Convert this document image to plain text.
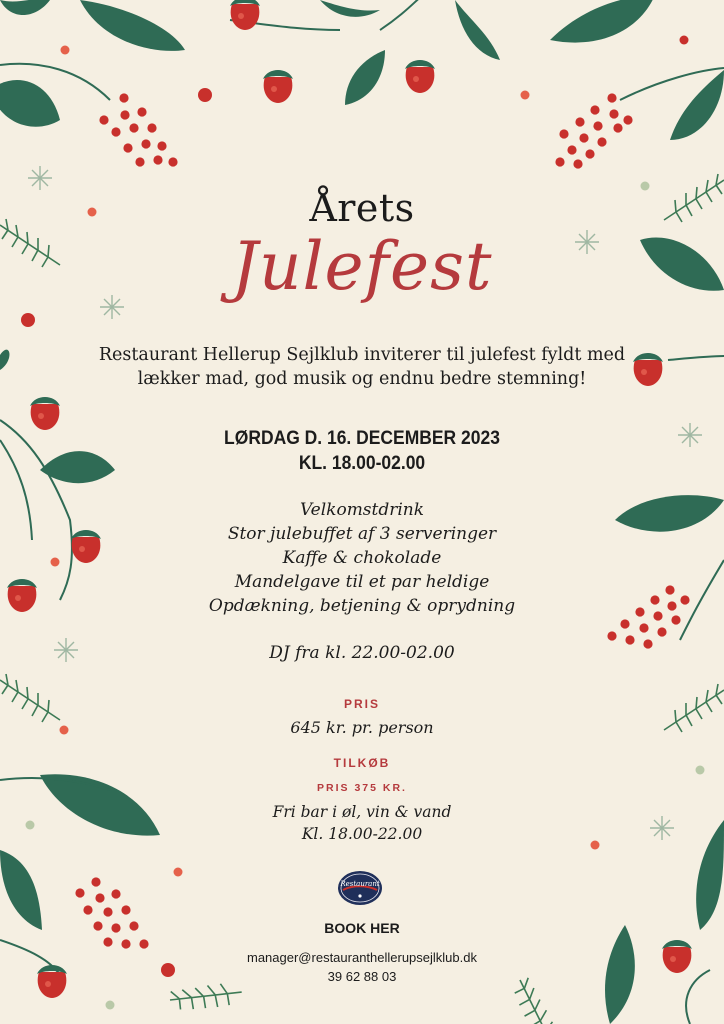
Årets
Julefest
Restaurant Hellerup Sejlklub inviterer til julefest fyldt med
lækker mad, god musik og endnu bedre stemning!
LØRDAG D. 16. DECEMBER 2023
KL. 18.00-02.00
Velkomstdrink
Stor julebuffet af 3 serveringer
Kaffe & chokolade
Mandelgave til et par heldige
Opdækning, betjening & oprydning
DJ fra kl. 22.00-02.00
PRIS
645 kr. pr. person
TILKØB
PRIS 375 KR.
Fri bar i øl, vin & vand
Kl. 18.00-22.00
Restaurant
BOOK HER
manager@restauranthellerupsejlklub.dk
39 62 88 03
